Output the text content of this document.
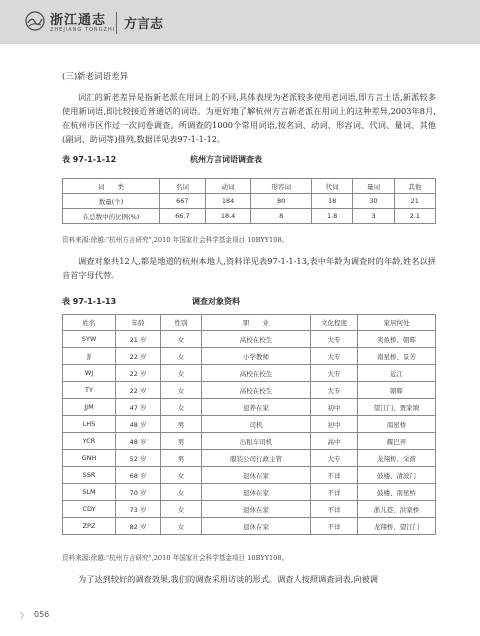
浙江通志
ZHEJIANG TONGZHI 方言志
(三)新老词语差异
词汇的新老差异是指新老派在用词上的不同,具体表现为老派较多使用老词语,即方言土话,新派较多使用新词语,即比较接近普通话的词语。为更好地了解杭州方言新老派在用词上的这种差异,2003年8月,在杭州市区作过一次问卷调查。所调查的1000个常用词语,按名词、动词、形容词、代词、量词、其他(副词、助词等)排列,数据详见表97-1-1-12。
表 97-1-1-12	杭州方言词语调查表
词　　类	名词	动词	形容词	代词	量词	其他
数量(个)	667	184	80	18	30	21
在总数中的比例(%)	66.7	18.4	8	1.8	3	2.1
资料来源:徐越:"杭州方言研究",2010 年国家社会科学基金项目 10BYY108。
调查对象共12人,都是地道的杭州本地人,资料详见表97-1-1-13,表中年龄为调查时的年龄,姓名以拼音首字母代替。
表 97-1-1-13	调查对象资料
姓名	年龄	性别	职　　业	文化程度	家居何处
SYW	21 岁	女	高校在校生	大专	卖鱼桥、朝晖
JJ	22 岁	女	小学教师	大专	南星桥、景芳
WJ	22 岁	女	高校在校生	大专	近江
TY	22 岁	女	高校在校生	大专	朝晖
JJM	47 岁	女	退养在家	初中	望江门、贾家塘
LHS	48 岁	男	司机	初中	南星桥
YCR	48 岁	男	出租车司机	高中	耀巴弄
GNH	52 岁	男	服装公司行政主管	大专	龙翔桥、采荷
SSR	68 岁	女	退休在家	不详	鼓楼、清波门
SLM	70 岁	女	退休在家	不详	鼓楼、南星桥
CDY	73 岁	女	退休在家	不详	浙儿巷、洪家桥
ZPZ	82 岁	女	退休在家	不详	龙翔桥、望江门
资料来源:徐越:"杭州方言研究",2010 年国家社会科学基金项目 10BYY108。
为了达到较好的调查效果,我们的调查采用访谈的形式。调查人按照调查词表,向被调
》 056
